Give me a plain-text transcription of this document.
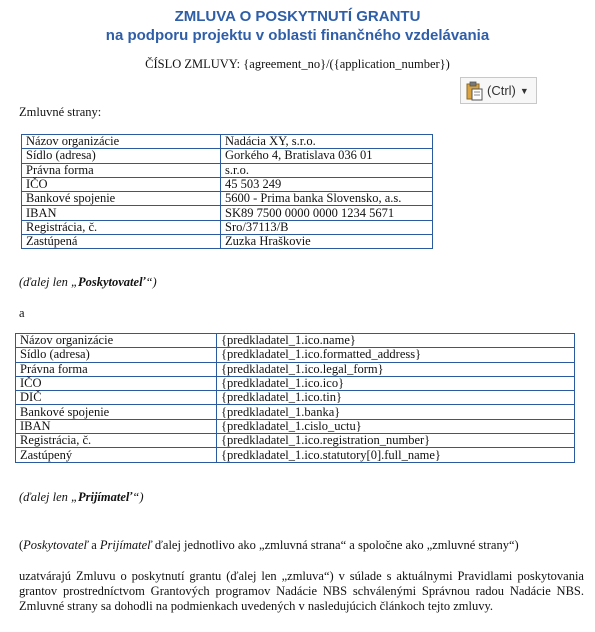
ZMLUVA O POSKYTNUTÍ GRANTU
na podporu projektu v oblasti finančného vzdelávania
ČÍSLO ZMLUVY: {agreement_no}/({application_number})
(Ctrl) ▼
Zmluvné strany:
Názov organizácie	Nadácia XY, s.r.o.
Sídlo (adresa)	Gorkého 4, Bratislava 036 01
Právna forma	s.r.o.
IČO	45 503 249
Bankové spojenie	5600 - Prima banka Slovensko, a.s.
IBAN	SK89 7500 0000 0000 1234 5671
Registrácia, č.	Sro/37113/B
Zastúpená	Zuzka Hraškovie
(ďalej len „Poskytovateľ“)
a
Názov organizácie	{predkladatel_1.ico.name}
Sídlo (adresa)	{predkladatel_1.ico.formatted_address}
Právna forma	{predkladatel_1.ico.legal_form}
IČO	{predkladatel_1.ico.ico}
DIČ	{predkladatel_1.ico.tin}
Bankové spojenie	{predkladatel_1.banka}
IBAN	{predkladatel_1.cislo_uctu}
Registrácia, č.	{predkladatel_1.ico.registration_number}
Zastúpený	{predkladatel_1.ico.statutory[0].full_name}
(ďalej len „Prijímateľ“)
(Poskytovateľ a Prijímateľ ďalej jednotlivo ako „zmluvná strana“ a spoločne ako „zmluvné strany“)
uzatvárajú Zmluvu o poskytnutí grantu (ďalej len „zmluva“) v súlade s aktuálnymi Pravidlami poskytovania grantov prostredníctvom Grantových programov Nadácie NBS schválenými Správnou radou Nadácie NBS. Zmluvné strany sa dohodli na podmienkach uvedených v nasledujúcich článkoch tejto zmluvy.
